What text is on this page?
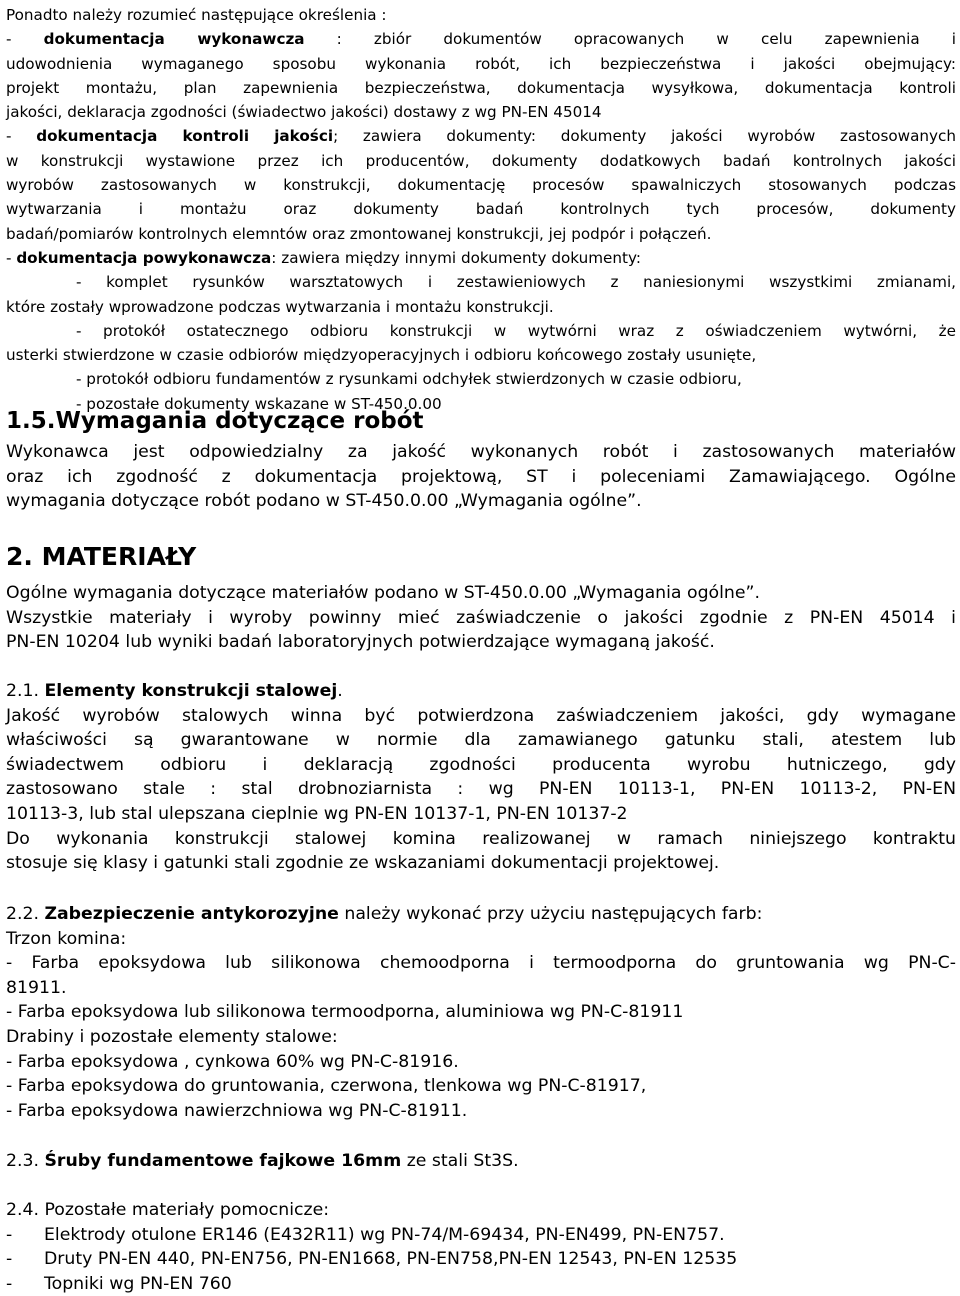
Ponadto należy rozumieć następujące określenia :
- dokumentacja wykonawcza : zbiór dokumentów opracowanych w celu zapewnienia i
udowodnienia wymaganego sposobu wykonania robót, ich bezpieczeństwa i jakości obejmujący:
projekt montażu, plan zapewnienia bezpieczeństwa, dokumentacja wysyłkowa, dokumentacja kontroli
jakości, deklaracja zgodności (świadectwo jakości) dostawy z wg PN-EN 45014
- dokumentacja kontroli jakości; zawiera dokumenty: dokumenty jakości wyrobów zastosowanych
w konstrukcji wystawione przez ich producentów, dokumenty dodatkowych badań kontrolnych jakości
wyrobów zastosowanych w konstrukcji, dokumentację procesów spawalniczych stosowanych podczas
wytwarzania i montażu oraz dokumenty badań kontrolnych tych procesów, dokumenty
badań/pomiarów kontrolnych elemntów oraz zmontowanej konstrukcji, jej podpór i połączeń.
- dokumentacja powykonawcza: zawiera między innymi dokumenty dokumenty:
- komplet rysunków warsztatowych i zestawieniowych z naniesionymi wszystkimi zmianami,
które zostały wprowadzone podczas wytwarzania i montażu konstrukcji.
- protokół ostatecznego odbioru konstrukcji w wytwórni wraz z oświadczeniem wytwórni, że
usterki stwierdzone w czasie odbiorów międzyoperacyjnych i odbioru końcowego zostały usunięte,
- protokół odbioru fundamentów z rysunkami odchyłek stwierdzonych w czasie odbioru,
- pozostałe dokumenty wskazane w ST-450.0.00
1.5.Wymagania dotyczące robót
Wykonawca jest odpowiedzialny za jakość wykonanych robót i zastosowanych materiałów
oraz ich zgodność z dokumentacja projektową, ST i poleceniami Zamawiającego. Ogólne
wymagania dotyczące robót podano w ST-450.0.00 „Wymagania ogólne”.
2. MATERIAŁY
Ogólne wymagania dotyczące materiałów podano w ST-450.0.00 „Wymagania ogólne”.
Wszystkie materiały i wyroby powinny mieć zaświadczenie o jakości zgodnie z PN-EN 45014 i
PN-EN 10204 lub wyniki badań laboratoryjnych potwierdzające wymaganą jakość.
2.1. Elementy konstrukcji stalowej.
Jakość wyrobów stalowych winna być potwierdzona zaświadczeniem jakości, gdy wymagane
właściwości są gwarantowane w normie dla zamawianego gatunku stali, atestem lub
świadectwem odbioru i deklaracją zgodności producenta wyrobu hutniczego, gdy
zastosowano stale : stal drobnoziarnista : wg PN-EN 10113-1, PN-EN 10113-2, PN-EN
10113-3, lub stal ulepszana cieplnie wg PN-EN 10137-1, PN-EN 10137-2
Do wykonania konstrukcji stalowej komina realizowanej w ramach niniejszego kontraktu
stosuje się klasy i gatunki stali zgodnie ze wskazaniami dokumentacji projektowej.
2.2. Zabezpieczenie antykorozyjne należy wykonać przy użyciu następujących farb:
Trzon komina:
- Farba epoksydowa lub silikonowa chemoodporna i termoodporna do gruntowania wg PN-C-
81911.
- Farba epoksydowa lub silikonowa termoodporna, aluminiowa wg PN-C-81911
Drabiny i pozostałe elementy stalowe:
- Farba epoksydowa , cynkowa 60% wg PN-C-81916.
- Farba epoksydowa do gruntowania, czerwona, tlenkowa wg PN-C-81917,
- Farba epoksydowa nawierzchniowa wg PN-C-81911.
2.3. Śruby fundamentowe fajkowe 16mm ze stali St3S.
2.4. Pozostałe materiały pomocnicze:
-	Elektrody otulone ER146 (E432R11) wg PN-74/M-69434, PN-EN499, PN-EN757.
-	Druty PN-EN 440, PN-EN756, PN-EN1668, PN-EN758,PN-EN 12543, PN-EN 12535
-	Topniki wg PN-EN 760
